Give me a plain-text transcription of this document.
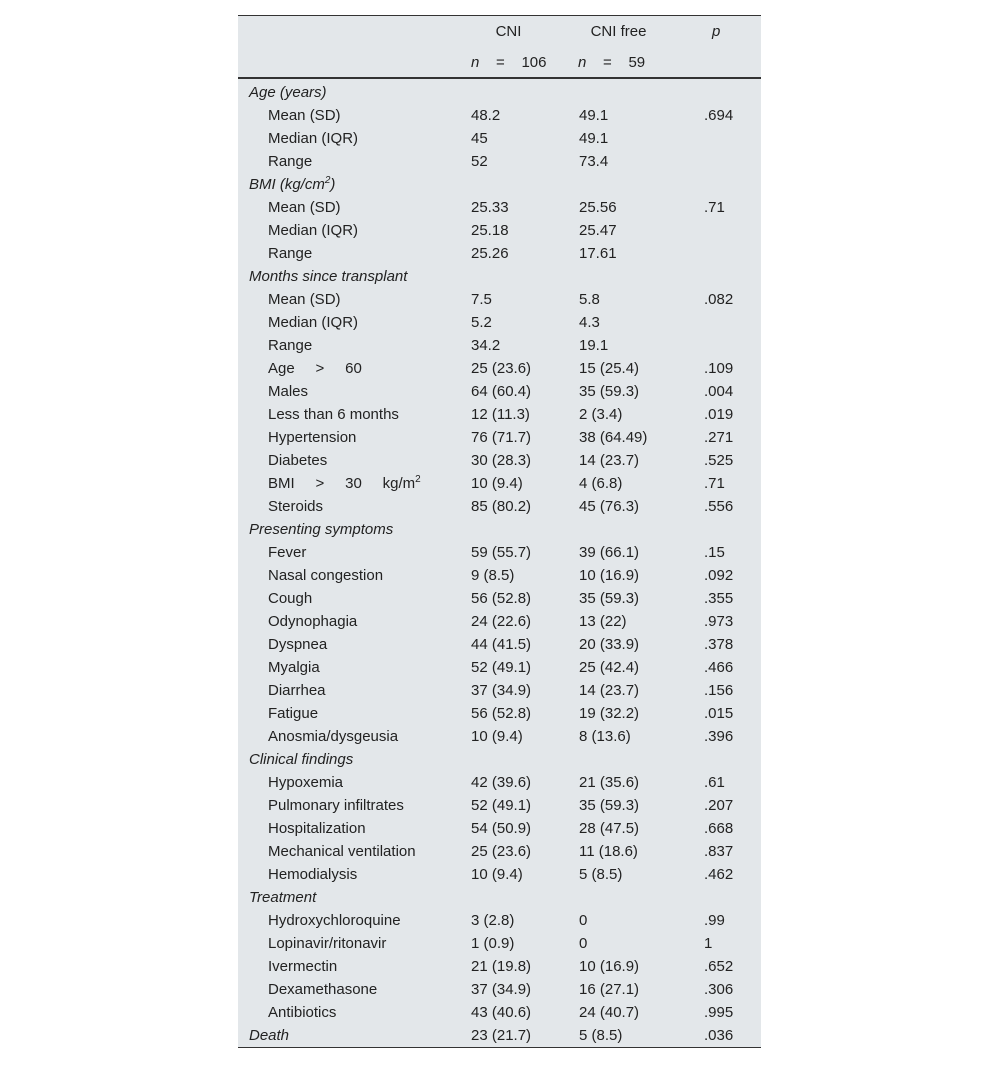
	CNI	CNI free	p
	n = 106	n = 59	
Age (years)			
Mean (SD)	48.2	49.1	.694
Median (IQR)	45	49.1	
Range	52	73.4	
BMI $(kg/cm^2)$			
Mean (SD)	25.33	25.56	.71
Median (IQR)	25.18	25.47	
Range	25.26	17.61	
Months since transplant			
Mean (SD)	7.5	5.8	.082
Median (IQR)	5.2	4.3	
Range	34.2	19.1	
Age     >     60	25 (23.6)	15 (25.4)	.109
Males	64 (60.4)	35 (59.3)	.004
Less than 6 months	12 (11.3)	2 (3.4)	.019
Hypertension	76 (71.7)	38 (64.49)	.271
Diabetes	30 (28.3)	14 (23.7)	.525
BMI     >     30     $kg/m^2$	10 (9.4)	4 (6.8)	.71
Steroids	85 (80.2)	45 (76.3)	.556
Presenting symptoms			
Fever	59 (55.7)	39 (66.1)	.15
Nasal congestion	9 (8.5)	10 (16.9)	.092
Cough	56 (52.8)	35 (59.3)	.355
Odynophagia	24 (22.6)	13 (22)	.973
Dyspnea	44 (41.5)	20 (33.9)	.378
Myalgia	52 (49.1)	25 (42.4)	.466
Diarrhea	37 (34.9)	14 (23.7)	.156
Fatigue	56 (52.8)	19 (32.2)	.015
Anosmia/dysgeusia	10 (9.4)	8 (13.6)	.396
Clinical findings			
Hypoxemia	42 (39.6)	21 (35.6)	.61
Pulmonary infiltrates	52 (49.1)	35 (59.3)	.207
Hospitalization	54 (50.9)	28 (47.5)	.668
Mechanical ventilation	25 (23.6)	11 (18.6)	.837
Hemodialysis	10 (9.4)	5 (8.5)	.462
Treatment			
Hydroxychloroquine	3 (2.8)	0	.99
Lopinavir/ritonavir	1 (0.9)	0	1
Ivermectin	21 (19.8)	10 (16.9)	.652
Dexamethasone	37 (34.9)	16 (27.1)	.306
Antibiotics	43 (40.6)	24 (40.7)	.995
Death	23 (21.7)	5 (8.5)	.036
